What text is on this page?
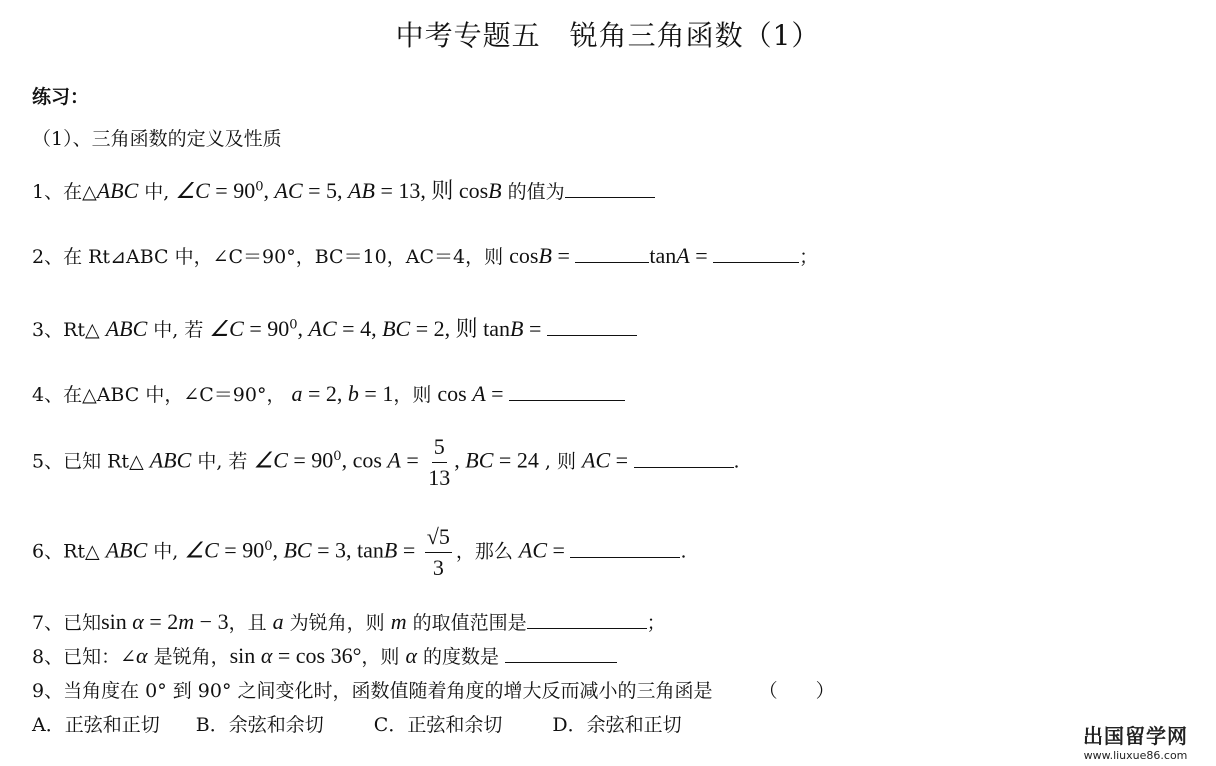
中考专题五　锐角三角函数（1）
练习：
（1）、三角函数的定义及性质
1、在△ABC 中, ∠C = $90^0$, AC = 5, AB = 13, 则 cosB 的值为
2、在 Rt⊿ABC 中，∠C＝90°，BC＝10，AC＝4，则 cosB =	tanA =	；
3、Rt△ ABC 中, 若 ∠C = $90^0$, AC = 4, BC = 2, 则 tanB =
4、在△ABC 中，∠C＝90°， a = 2, b = 1，则 cos A =
5、已知 Rt△ ABC 中, 若 ∠C = $90^0$, $\cos A = \frac{5}{13}$ , BC = 24 , 则 AC =	.
6、Rt△ ABC 中, ∠C = $90^0$, BC = 3, $\tan B = \frac{√5}{3}$ ，那么 AC =	.
7、已知sin α = 2m − 3，且 a 为锐角，则 m 的取值范围是	；
8、已知：∠α 是锐角，sin α = cos 36°，则 α 的度数是
9、当角度在 0° 到 90° 之间变化时，函数值随着角度的增大反而减小的三角函是 （　　）
A．正弦和正切 B．余弦和余切	C．正弦和余切	D．余弦和正切	出国留学网
www.liuxue86.com
